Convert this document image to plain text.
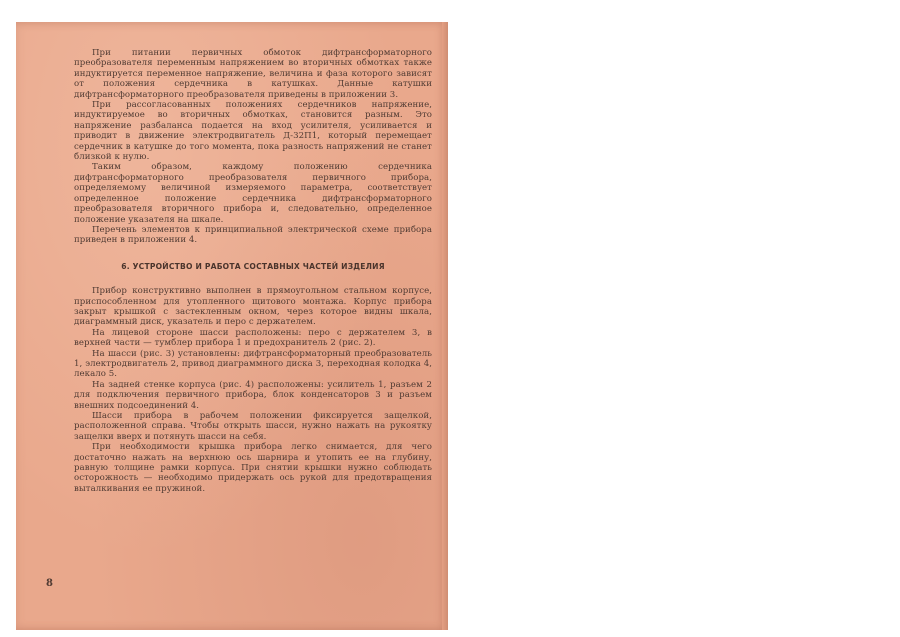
При питании первичных обмоток дифтрансформаторного преобразователя переменным напряжением во вторичных обмотках также индуктируется переменное напряжение, величина и фаза которого зависят от положения сердечника в катушках. Данные катушки дифтрансформаторного преобразователя приведены в приложении 3.

При рассогласованных положениях сердечников напряжение, индуктируемое во вторичных обмотках, становится разным. Это напряжение разбаланса подается на вход усилителя, усиливается и приводит в движение электродвигатель Д-32П1, который перемещает сердечник в катушке до того момента, пока разность напряжений не станет близкой к нулю.

Таким образом, каждому положению сердечника дифтрансформаторного преобразователя первичного прибора, определяемому величиной измеряемого параметра, соответствует определенное положение сердечника дифтрансформаторного преобразователя вторичного прибора и, следовательно, определенное положение указателя на шкале.

Перечень элементов к принципиальной электрической схеме прибора приведен в приложении 4.

6. УСТРОЙСТВО И РАБОТА СОСТАВНЫХ ЧАСТЕЙ ИЗДЕЛИЯ

Прибор конструктивно выполнен в прямоугольном стальном корпусе, приспособленном для утопленного щитового монтажа. Корпус прибора закрыт крышкой с застекленным окном, через которое видны шкала, диаграммный диск, указатель и перо с держателем.

На лицевой стороне шасси расположены: перо с держателем 3, в верхней части — тумблер прибора 1 и предохранитель 2 (рис. 2).

На шасси (рис. 3) установлены: дифтрансформаторный преобразователь 1, электродвигатель 2, привод диаграммного диска 3, переходная колодка 4, лекало 5.

На задней стенке корпуса (рис. 4) расположены: усилитель 1, разъем 2 для подключения первичного прибора, блок конденсаторов 3 и разъем внешних подсоединений 4.

Шасси прибора в рабочем положении фиксируется защелкой, расположенной справа. Чтобы открыть шасси, нужно нажать на рукоятку защелки вверх и потянуть шасси на себя.

При необходимости крышка прибора легко снимается, для чего достаточно нажать на верхнюю ось шарнира и утопить ее на глубину, равную толщине рамки корпуса. При снятии крышки нужно соблюдать осторожность — необходимо придержать ось рукой для предотвращения выталкивания ее пружиной.

8
